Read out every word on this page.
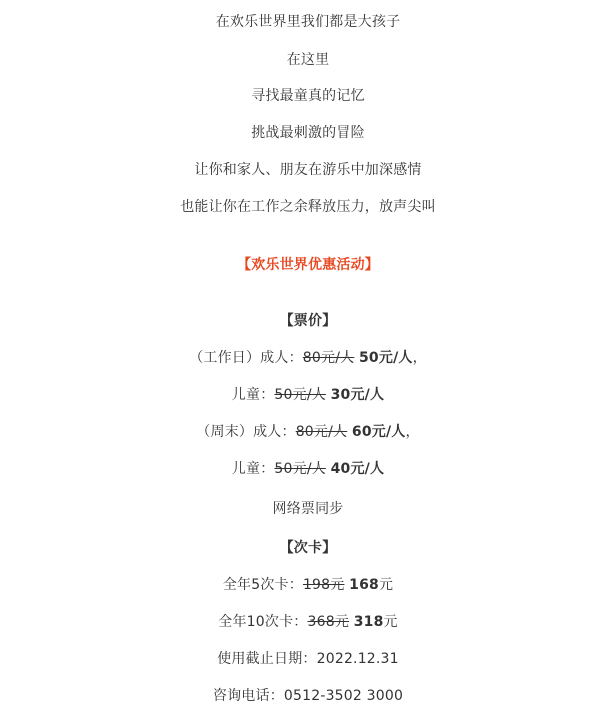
在欢乐世界里我们都是大孩子
在这里
寻找最童真的记忆
挑战最刺激的冒险
让你和家人、朋友在游乐中加深感情
也能让你在工作之余释放压力，放声尖叫
【欢乐世界优惠活动】
【票价】
（工作日）成人：80元/人 50元/人，
儿童：50元/人 30元/人
（周末）成人：80元/人 60元/人，
儿童：50元/人 40元/人
网络票同步
【次卡】
全年5次卡：198元 168元
全年10次卡：368元 318元
使用截止日期：2022.12.31
咨询电话：0512-3502 3000
